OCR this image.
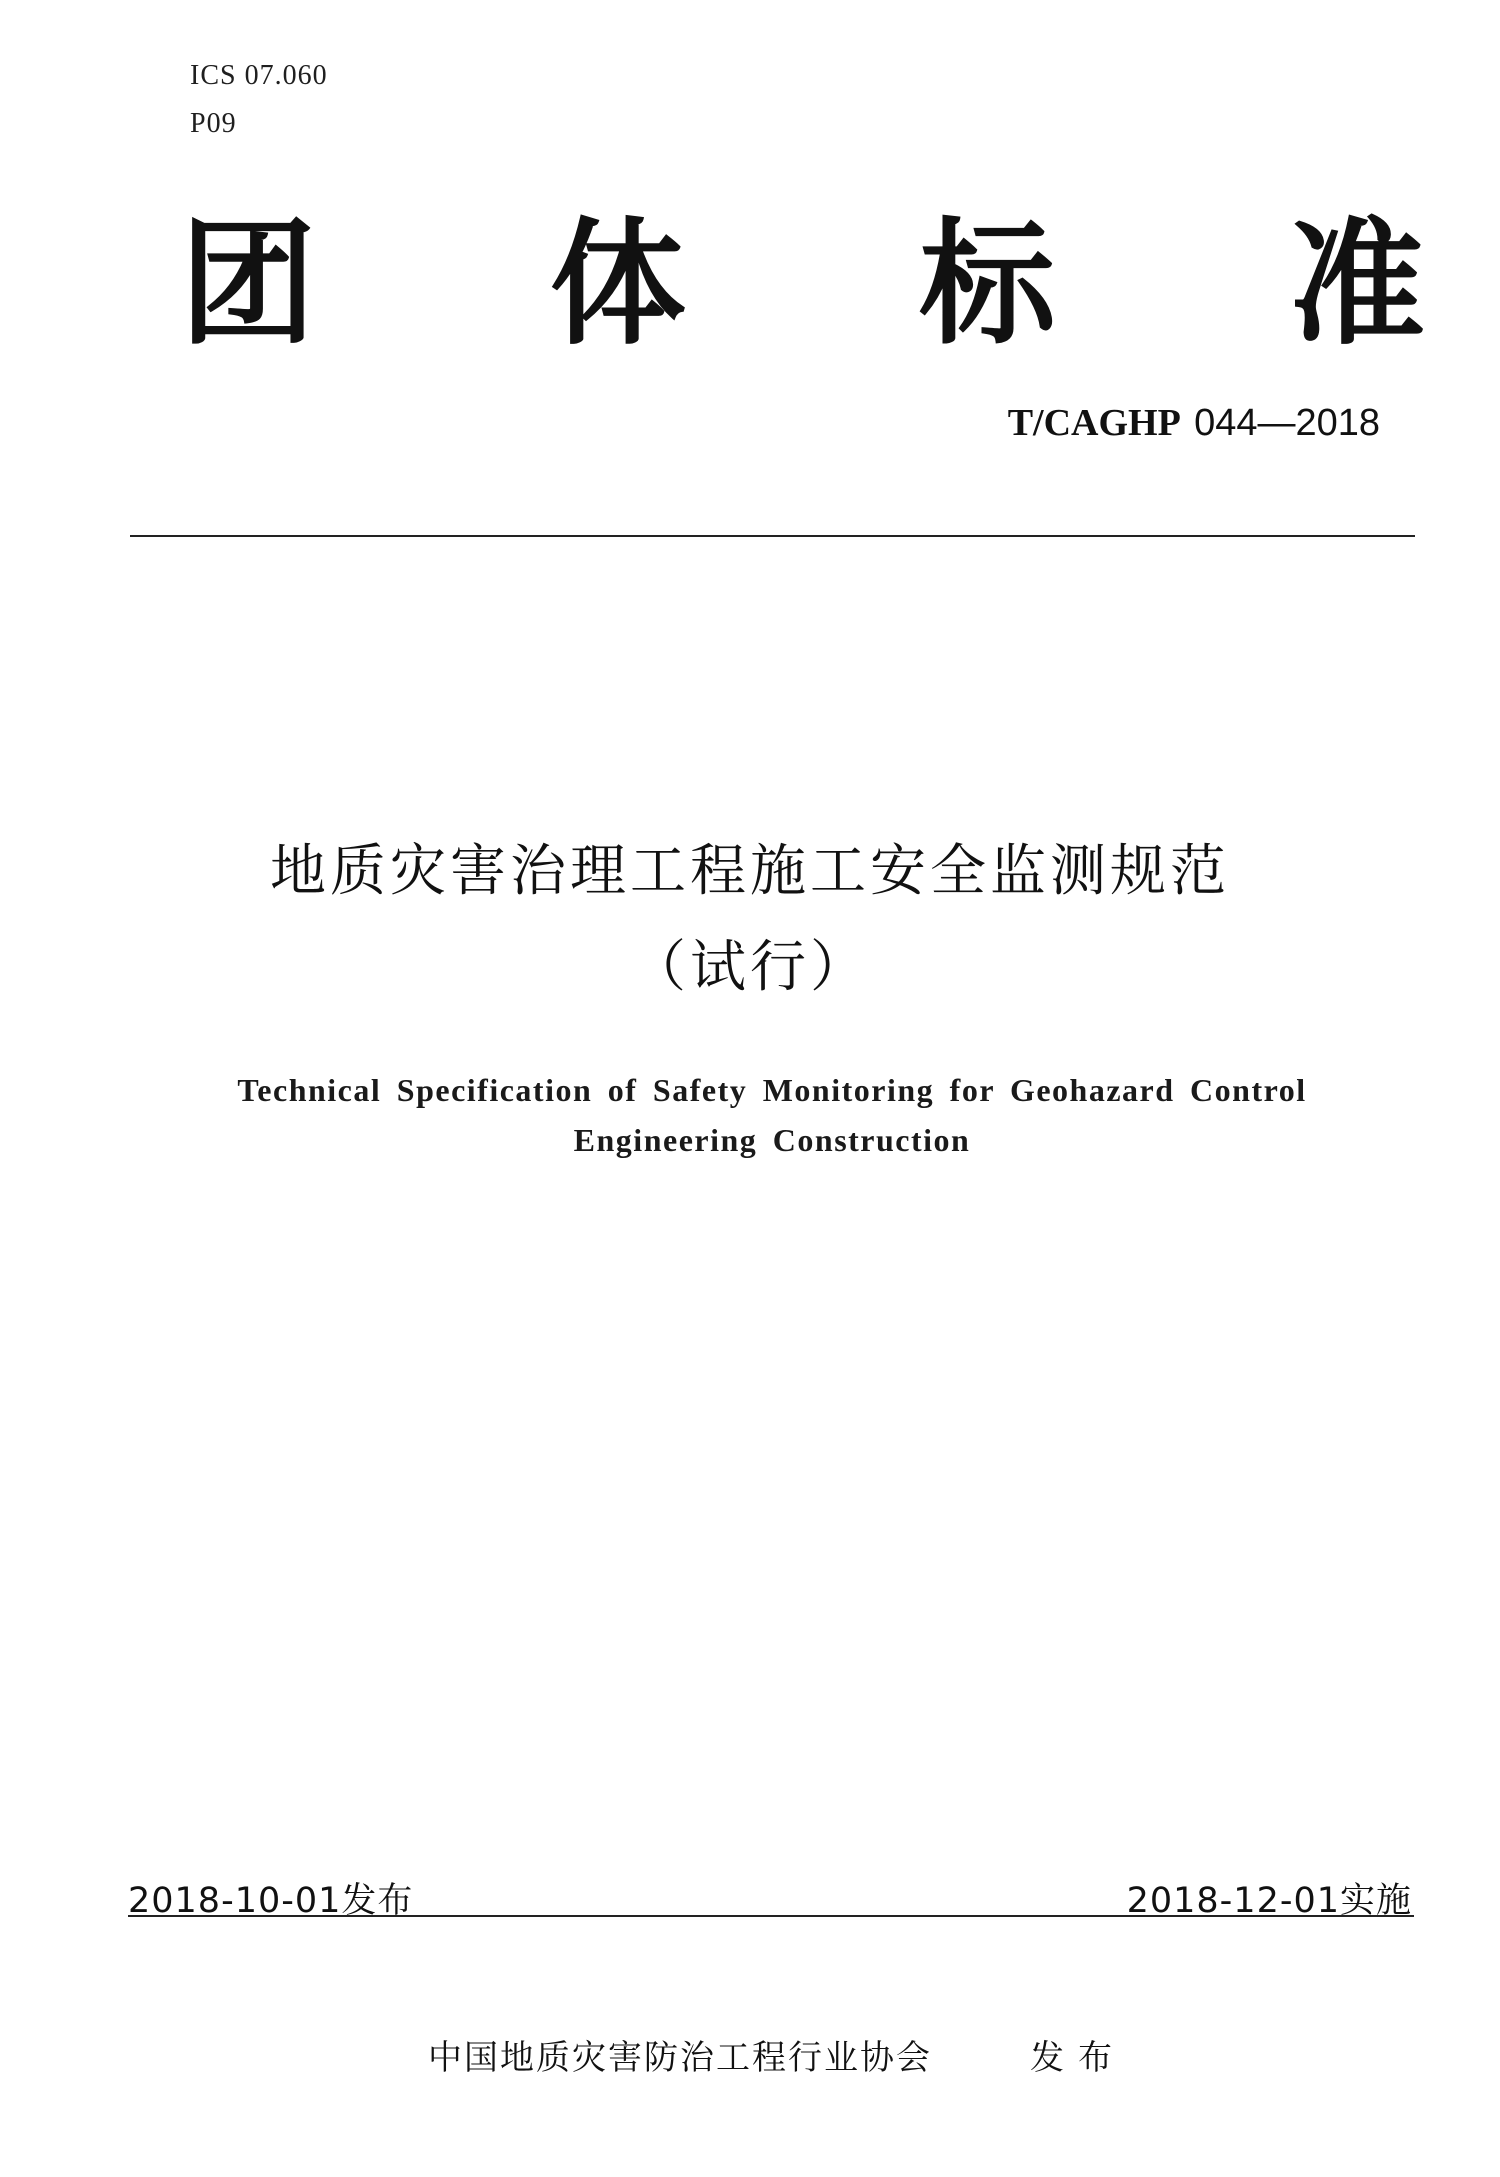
ICS 07.060
P09
团 体 标 准
T/CAGHP 044—2018
地质灾害治理工程施工安全监测规范
（试行）
Technical Specification of Safety Monitoring for Geohazard Control
Engineering Construction
2018-10-01发布	2018-12-01实施
中国地质灾害防治工程行业协会	发布
